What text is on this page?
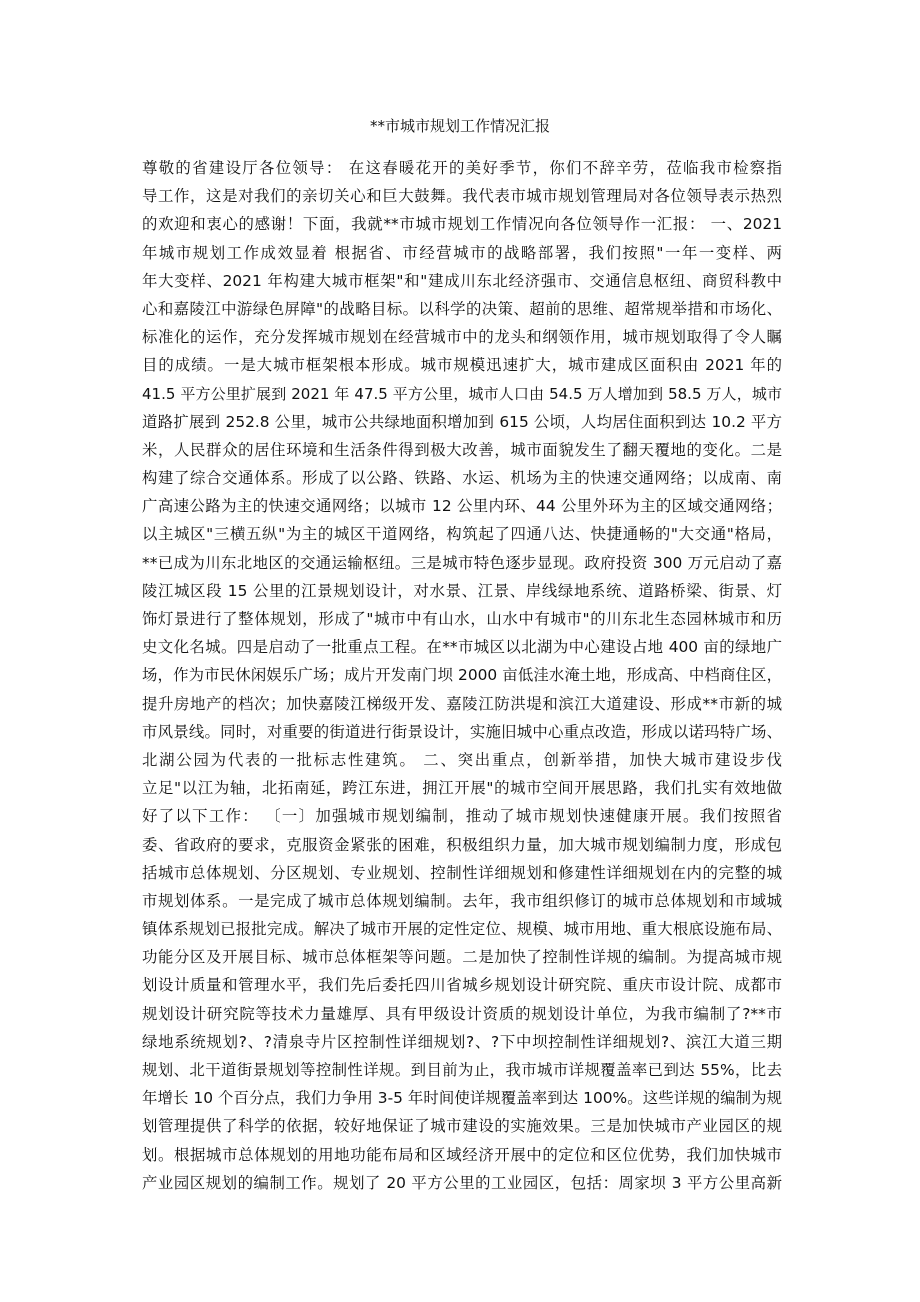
**市城市规划工作情况汇报
尊敬的省建设厅各位领导： 在这春暖花开的美好季节，你们不辞辛劳，莅临我市检察指
导工作，这是对我们的亲切关心和巨大鼓舞。我代表市城市规划管理局对各位领导表示热烈
的欢迎和衷心的感谢！下面，我就**市城市规划工作情况向各位领导作一汇报： 一、2021
年城市规划工作成效显着 根据省、市经营城市的战略部署，我们按照"一年一变样、两
年大变样、2021 年构建大城市框架"和"建成川东北经济强市、交通信息枢纽、商贸科教中
心和嘉陵江中游绿色屏障"的战略目标。以科学的决策、超前的思维、超常规举措和市场化、
标准化的运作，充分发挥城市规划在经营城市中的龙头和纲领作用，城市规划取得了令人瞩
目的成绩。一是大城市框架根本形成。城市规模迅速扩大，城市建成区面积由 2021 年的
41.5 平方公里扩展到 2021 年 47.5 平方公里，城市人口由 54.5 万人增加到 58.5 万人，城市
道路扩展到 252.8 公里，城市公共绿地面积增加到 615 公顷，人均居住面积到达 10.2 平方
米，人民群众的居住环境和生活条件得到极大改善，城市面貌发生了翻天覆地的变化。二是
构建了综合交通体系。形成了以公路、铁路、水运、机场为主的快速交通网络；以成南、南
广高速公路为主的快速交通网络；以城市 12 公里内环、44 公里外环为主的区域交通网络；
以主城区"三横五纵"为主的城区干道网络，构筑起了四通八达、快捷通畅的"大交通"格局，
**已成为川东北地区的交通运输枢纽。三是城市特色逐步显现。政府投资 300 万元启动了嘉
陵江城区段 15 公里的江景规划设计，对水景、江景、岸线绿地系统、道路桥梁、街景、灯
饰灯景进行了整体规划，形成了"城市中有山水，山水中有城市"的川东北生态园林城市和历
史文化名城。四是启动了一批重点工程。在**市城区以北湖为中心建设占地 400 亩的绿地广
场，作为市民休闲娱乐广场；成片开发南门坝 2000 亩低洼水淹土地，形成高、中档商住区，
提升房地产的档次；加快嘉陵江梯级开发、嘉陵江防洪堤和滨江大道建设、形成**市新的城
市风景线。同时，对重要的街道进行街景设计，实施旧城中心重点改造，形成以诺玛特广场、
北湖公园为代表的一批标志性建筑。 二、突出重点，创新举措，加快大城市建设步伐
立足"以江为轴，北拓南延，跨江东进，拥江开展"的城市空间开展思路，我们扎实有效地做
好了以下工作： 〔一〕加强城市规划编制，推动了城市规划快速健康开展。我们按照省
委、省政府的要求，克服资金紧张的困难，积极组织力量，加大城市规划编制力度，形成包
括城市总体规划、分区规划、专业规划、控制性详细规划和修建性详细规划在内的完整的城
市规划体系。一是完成了城市总体规划编制。去年，我市组织修订的城市总体规划和市域城
镇体系规划已报批完成。解决了城市开展的定性定位、规模、城市用地、重大根底设施布局、
功能分区及开展目标、城市总体框架等问题。二是加快了控制性详规的编制。为提高城市规
划设计质量和管理水平，我们先后委托四川省城乡规划设计研究院、重庆市设计院、成都市
规划设计研究院等技术力量雄厚、具有甲级设计资质的规划设计单位，为我市编制了?**市
绿地系统规划?、?清泉寺片区控制性详细规划?、?下中坝控制性详细规划?、滨江大道三期
规划、北干道街景规划等控制性详规。到目前为止，我市城市详规覆盖率已到达 55%，比去
年增长 10 个百分点，我们力争用 3-5 年时间使详规覆盖率到达 100%。这些详规的编制为规
划管理提供了科学的依据，较好地保证了城市建设的实施效果。三是加快城市产业园区的规
划。根据城市总体规划的用地功能布局和区域经济开展中的定位和区位优势，我们加快城市
产业园区规划的编制工作。规划了 20 平方公里的工业园区，包括：周家坝 3 平方公里高新
